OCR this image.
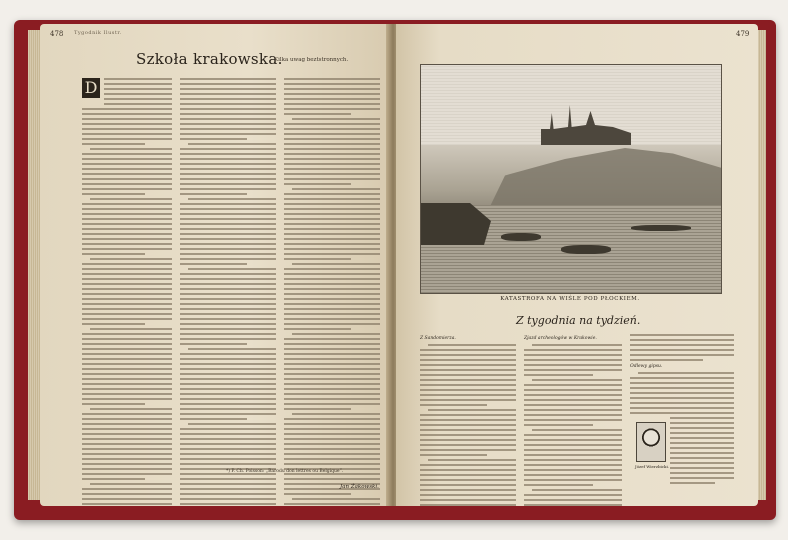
478 Tygodnik Ilustr.
Szkoła krakowska.
Kilka uwag beztstronnych.
D
*) P. Ch. Poisson: „Barodu don lettres ou Belgique”.
Jan Żakowski.
479
KATASTROFA NA WIŚLE POD PŁOCKIEM.
Z tygodnia na tydzień.
Z Sandomierza.	Zjazd archeologów w Krakowie.
Odlewy gipsu.
Józef Wierzbicki.
